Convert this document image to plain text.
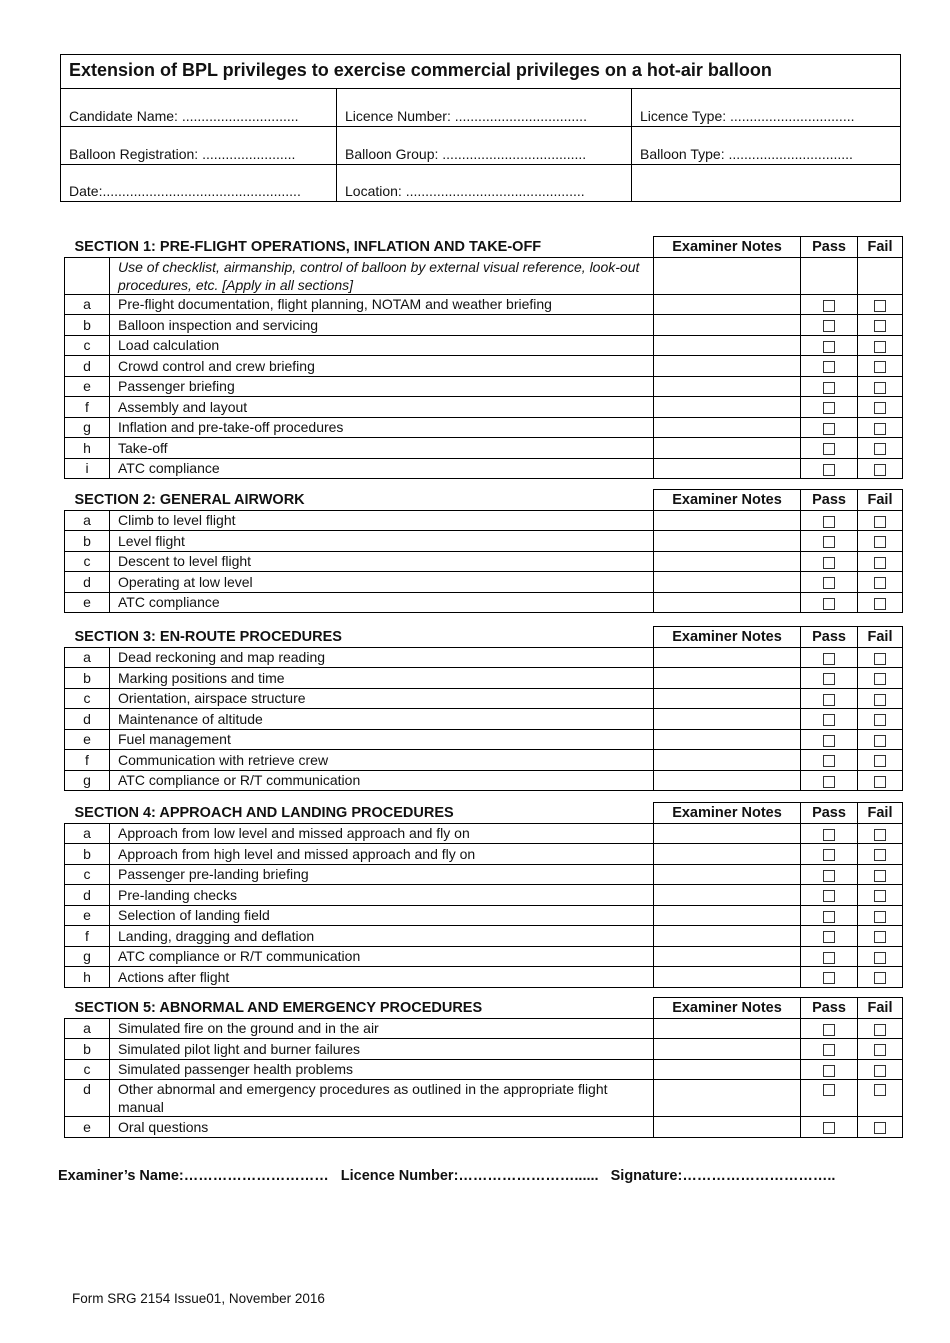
Extension of BPL privileges to exercise commercial privileges on a hot-air balloon
Candidate Name: ..............................	Licence Number: ..................................	Licence Type: ................................
Balloon Registration: ........................	Balloon Group: .....................................	Balloon Type: ................................
Date:...................................................	Location: ..............................................
SECTION 1: PRE-FLIGHT OPERATIONS, INFLATION AND TAKE-OFF		Examiner Notes	Pass	Fail
	Use of checklist, airmanship, control of balloon by external visual reference, look-out procedures, etc. [Apply in all sections]			
a	Pre-flight documentation, flight planning, NOTAM and weather briefing			
b	Balloon inspection and servicing			
c	Load calculation			
d	Crowd control and crew briefing			
e	Passenger briefing			
f	Assembly and layout			
g	Inflation and pre-take-off procedures			
h	Take-off			
i	ATC compliance			
SECTION 2: GENERAL AIRWORK		Examiner Notes	Pass	Fail
a	Climb to level flight			
b	Level flight			
c	Descent to level flight			
d	Operating at low level			
e	ATC compliance			
SECTION 3: EN-ROUTE PROCEDURES		Examiner Notes	Pass	Fail
a	Dead reckoning and map reading			
b	Marking positions and time			
c	Orientation, airspace structure			
d	Maintenance of altitude			
e	Fuel management			
f	Communication with retrieve crew			
g	ATC compliance or R/T communication			
SECTION 4: APPROACH AND LANDING PROCEDURES		Examiner Notes	Pass	Fail
a	Approach from low level and missed approach and fly on			
b	Approach from high level and missed approach and fly on			
c	Passenger pre-landing briefing			
d	Pre-landing checks			
e	Selection of landing field			
f	Landing, dragging and deflation			
g	ATC compliance or R/T communication			
h	Actions after flight			
SECTION 5: ABNORMAL AND EMERGENCY PROCEDURES		Examiner Notes	Pass	Fail
a	Simulated fire on the ground and in the air			
b	Simulated pilot light and burner failures			
c	Simulated passenger health problems			
d	Other abnormal and emergency procedures as outlined in the appropriate flight manual			
e	Oral questions			
Examiner’s Name:………………………… Licence Number:……………………...... Signature:…………………………..
Form SRG 2154 Issue01, November 2016
